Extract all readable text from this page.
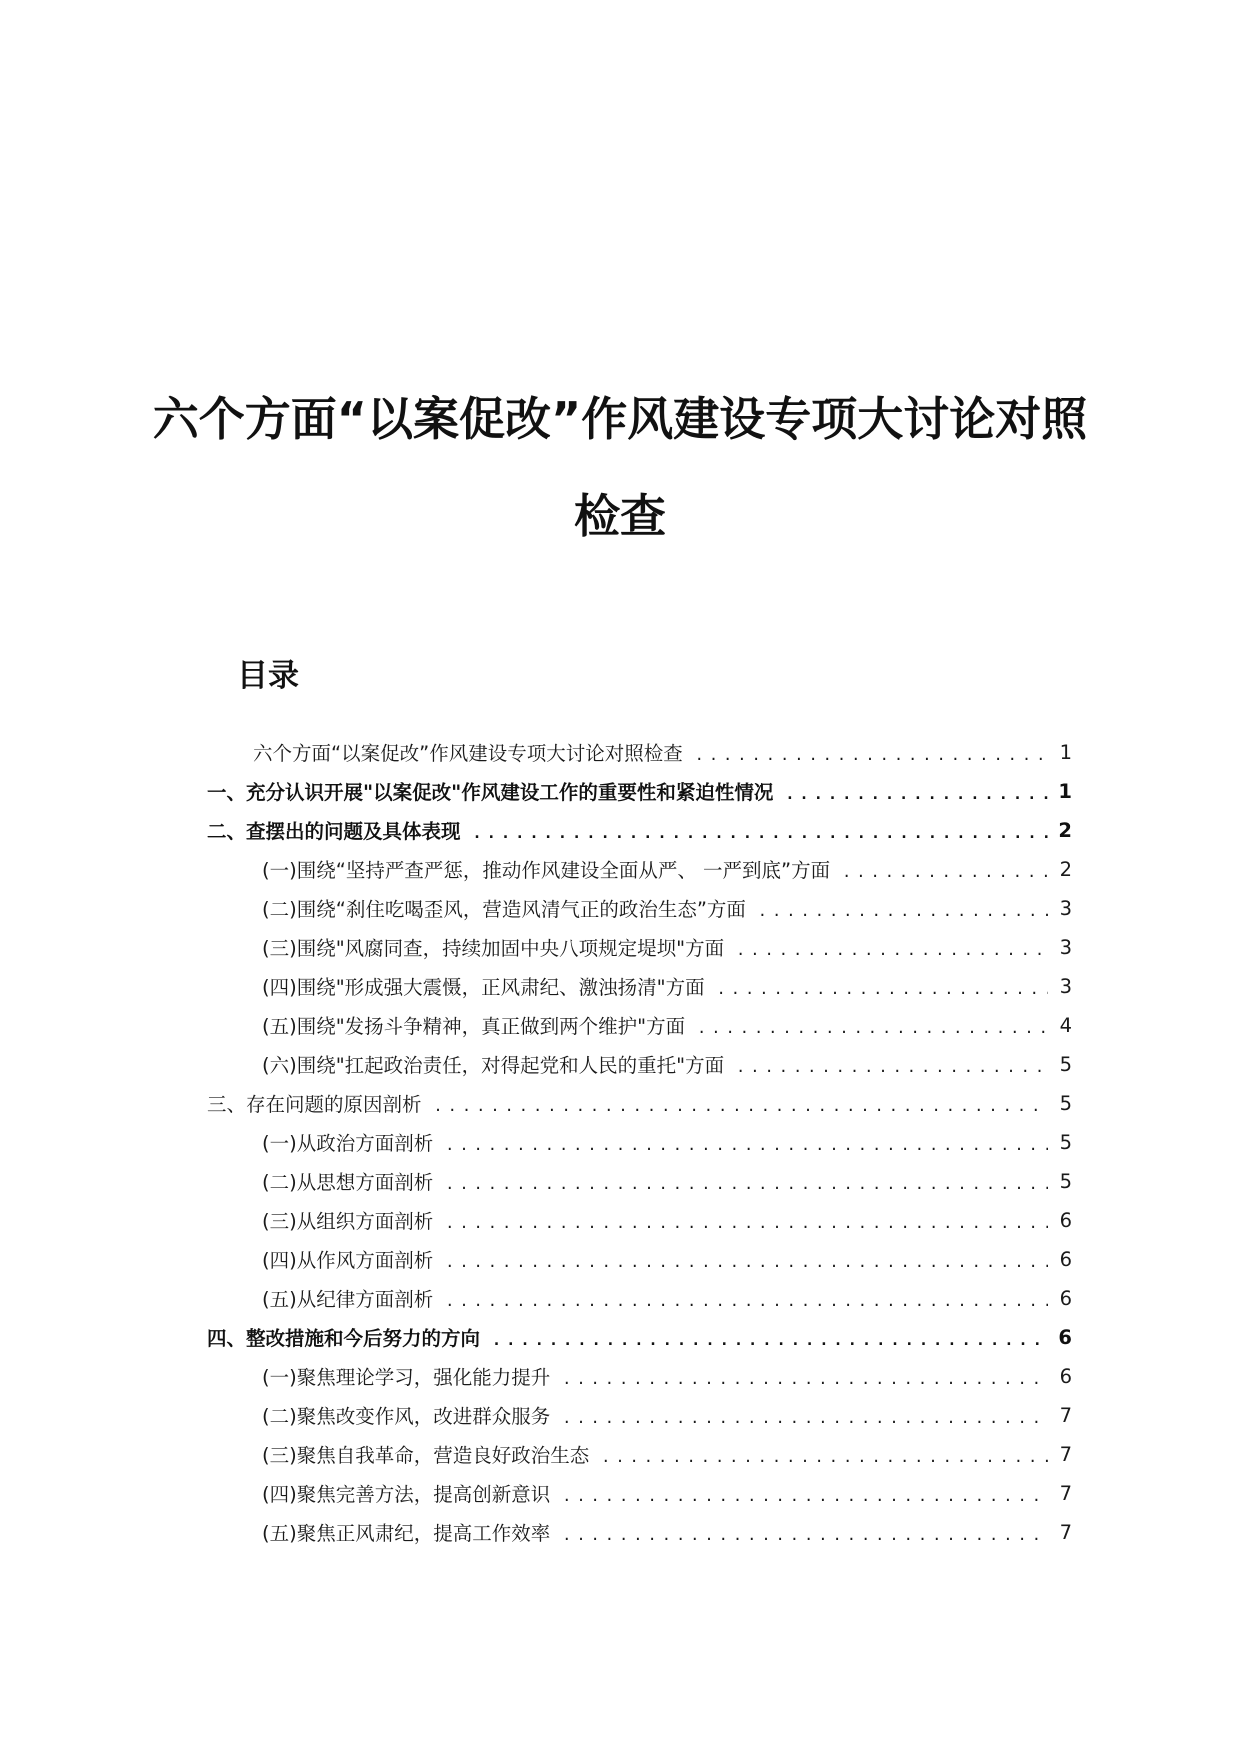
六个方面“以案促改”作风建设专项大讨论对照
检查
目录
六个方面“以案促改”作风建设专项大讨论对照检查 .....	1
一、充分认识开展"以案促改"作风建设工作的重要性和紧迫性情况 .....	1
二、查摆出的问题及具体表现 .....	2
(一)围绕“坚持严查严惩，推动作风建设全面从严、 一严到底”方面 .....	2
(二)围绕“刹住吃喝歪风，营造风清气正的政治生态”方面 .....	3
(三)围绕"风腐同查，持续加固中央八项规定堤坝"方面 .....	3
(四)围绕"形成强大震慑，正风肃纪、激浊扬清"方面 .....	3
(五)围绕"发扬斗争精神，真正做到两个维护"方面 .....	4
(六)围绕"扛起政治责任，对得起党和人民的重托"方面 .....	5
三、存在问题的原因剖析 .....	5
(一)从政治方面剖析 .....	5
(二)从思想方面剖析 .....	5
(三)从组织方面剖析 .....	6
(四)从作风方面剖析 .....	6
(五)从纪律方面剖析 .....	6
四、整改措施和今后努力的方向 .....	6
(一)聚焦理论学习，强化能力提升 .....	6
(二)聚焦改变作风，改进群众服务 .....	7
(三)聚焦自我革命，营造良好政治生态 .....	7
(四)聚焦完善方法，提高创新意识 .....	7
(五)聚焦正风肃纪，提高工作效率 .....	7
